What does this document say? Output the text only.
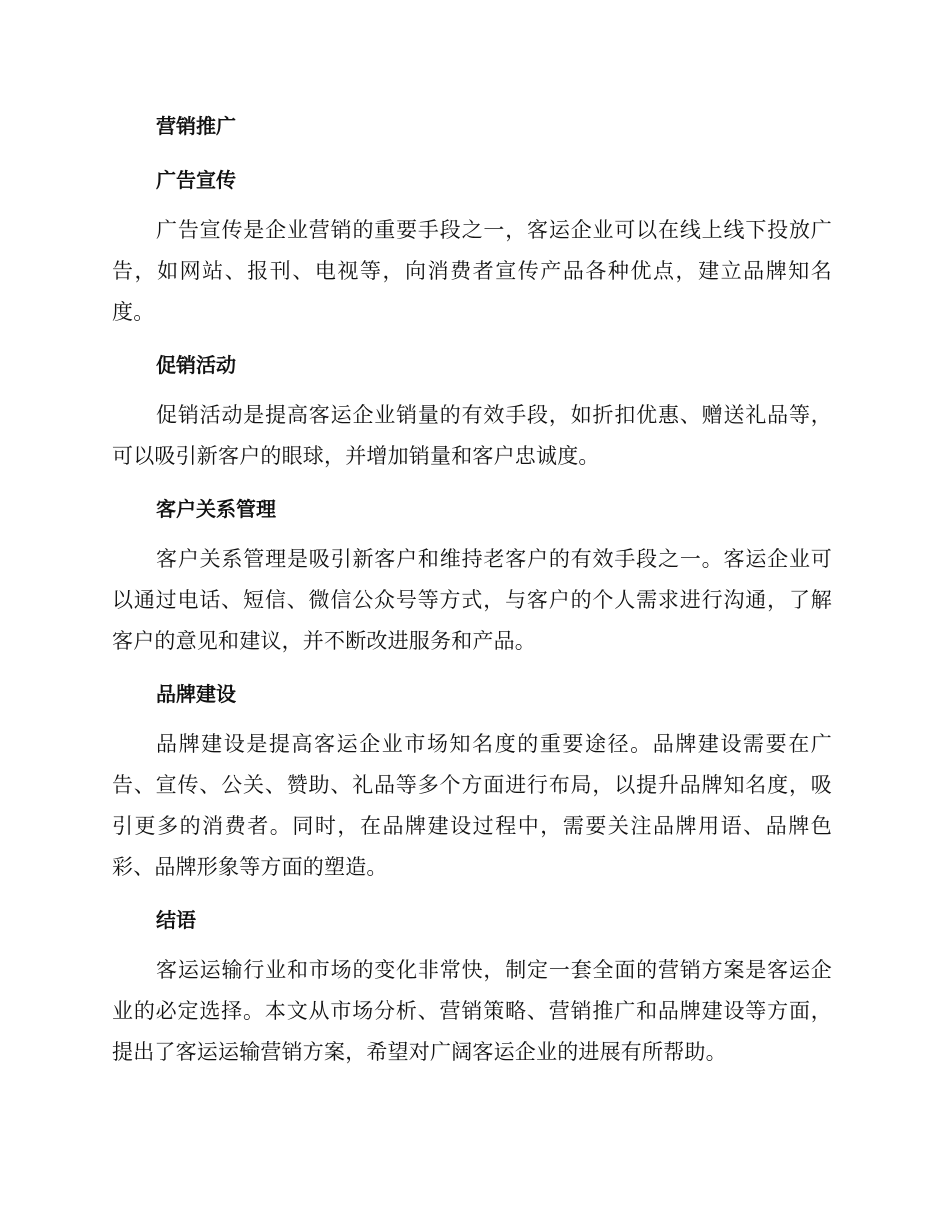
营销推广
广告宣传

广告宣传是企业营销的重要手段之一，客运企业可以在线上线下投放广告，如网站、报刊、电视等，向消费者宣传产品各种优点，建立品牌知名度。

促销活动

促销活动是提高客运企业销量的有效手段，如折扣优惠、赠送礼品等，可以吸引新客户的眼球，并增加销量和客户忠诚度。

客户关系管理

客户关系管理是吸引新客户和维持老客户的有效手段之一。客运企业可以通过电话、短信、微信公众号等方式，与客户的个人需求进行沟通，了解客户的意见和建议，并不断改进服务和产品。

品牌建设

品牌建设是提高客运企业市场知名度的重要途径。品牌建设需要在广告、宣传、公关、赞助、礼品等多个方面进行布局，以提升品牌知名度，吸引更多的消费者。同时，在品牌建设过程中，需要关注品牌用语、品牌色彩、品牌形象等方面的塑造。

结语

客运运输行业和市场的变化非常快，制定一套全面的营销方案是客运企业的必定选择。本文从市场分析、营销策略、营销推广和品牌建设等方面，提出了客运运输营销方案，希望对广阔客运企业的进展有所帮助。
